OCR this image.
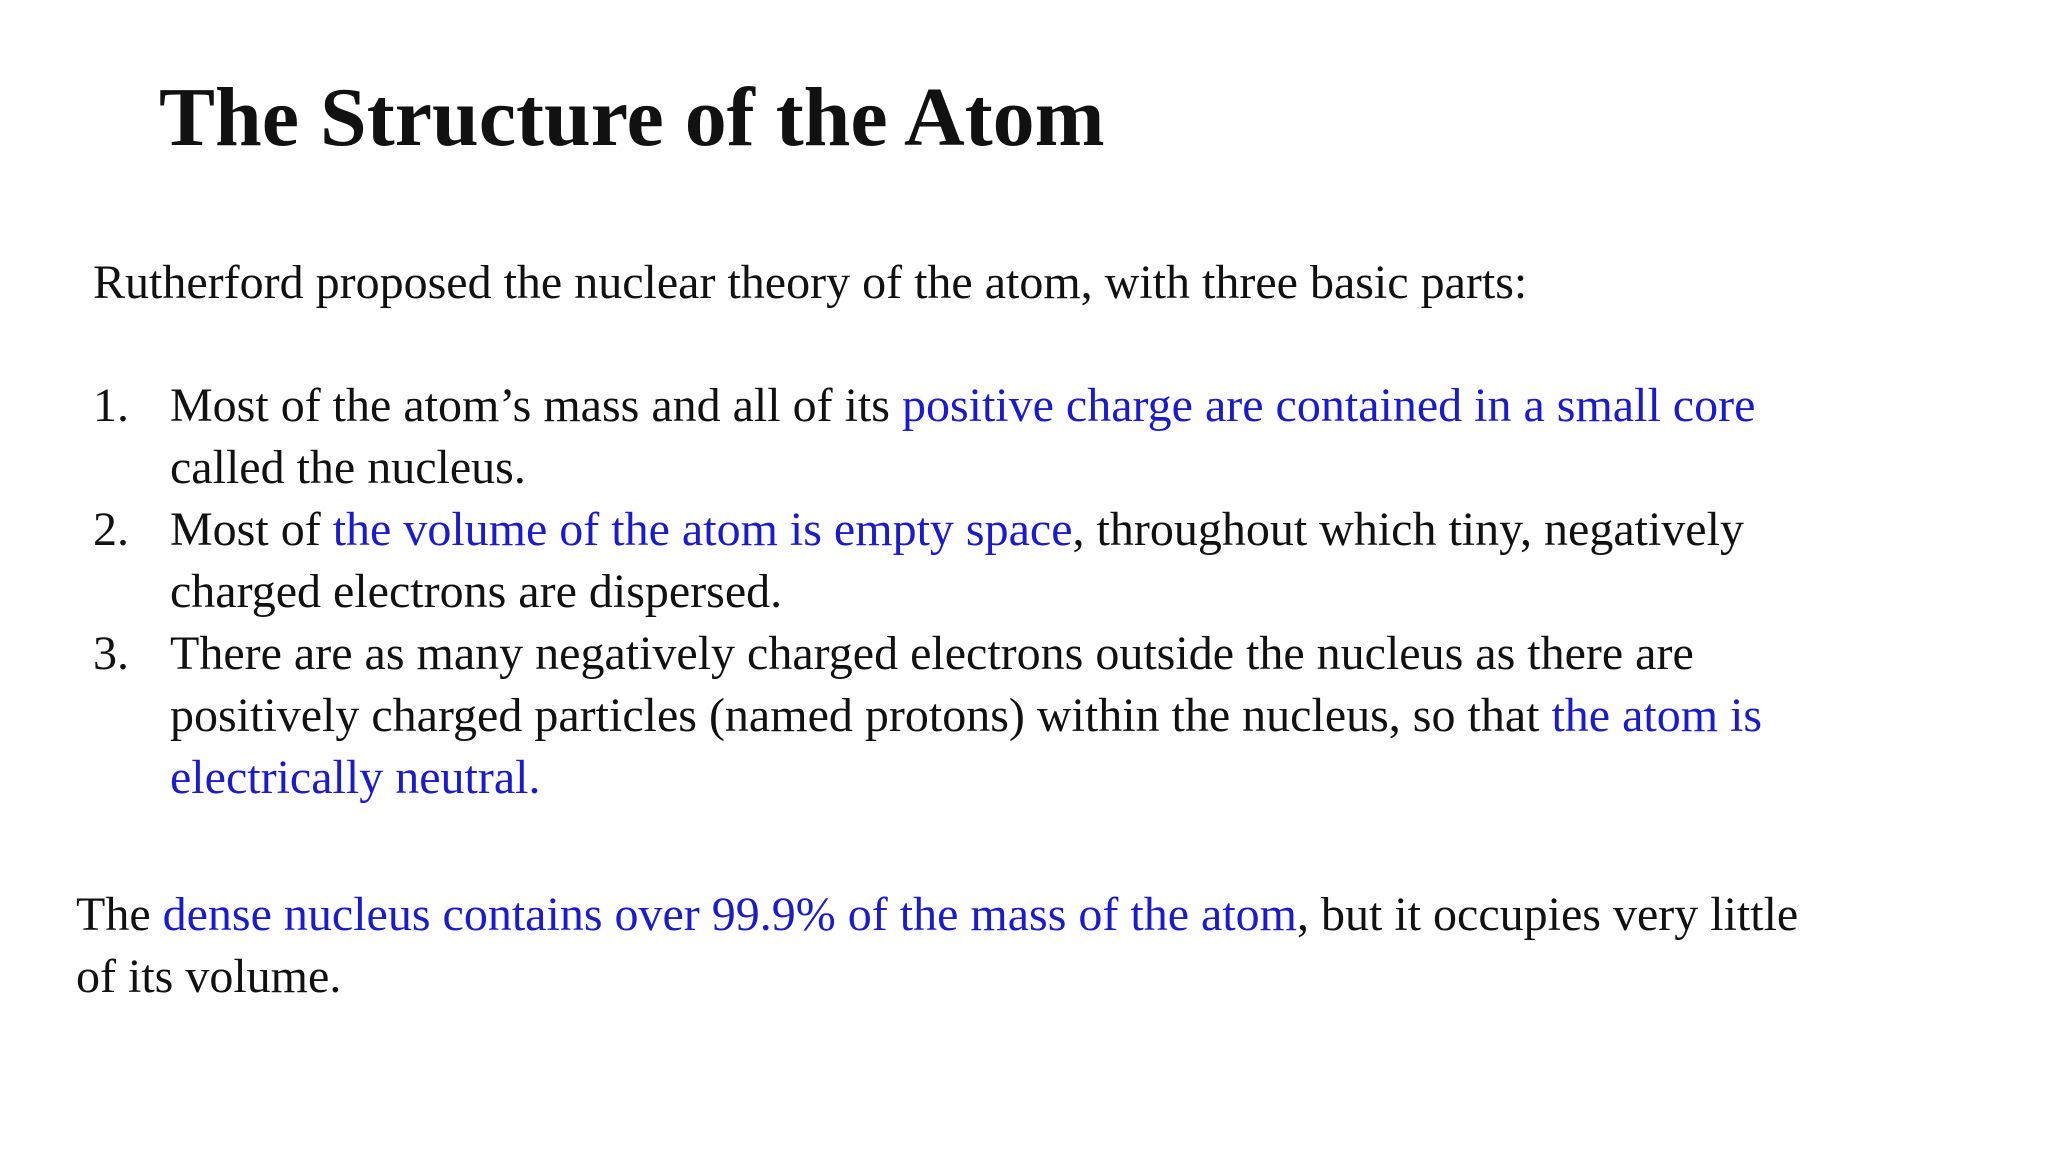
The Structure of the Atom

Rutherford proposed the nuclear theory of the atom, with three basic parts:

1. Most of the atom’s mass and all of its positive charge are contained in a small core
called the nucleus.
2. Most of the volume of the atom is empty space, throughout which tiny, negatively
charged electrons are dispersed.
3. There are as many negatively charged electrons outside the nucleus as there are
positively charged particles (named protons) within the nucleus, so that the atom is
electrically neutral.

The dense nucleus contains over 99.9% of the mass of the atom, but it occupies very little
of its volume.
